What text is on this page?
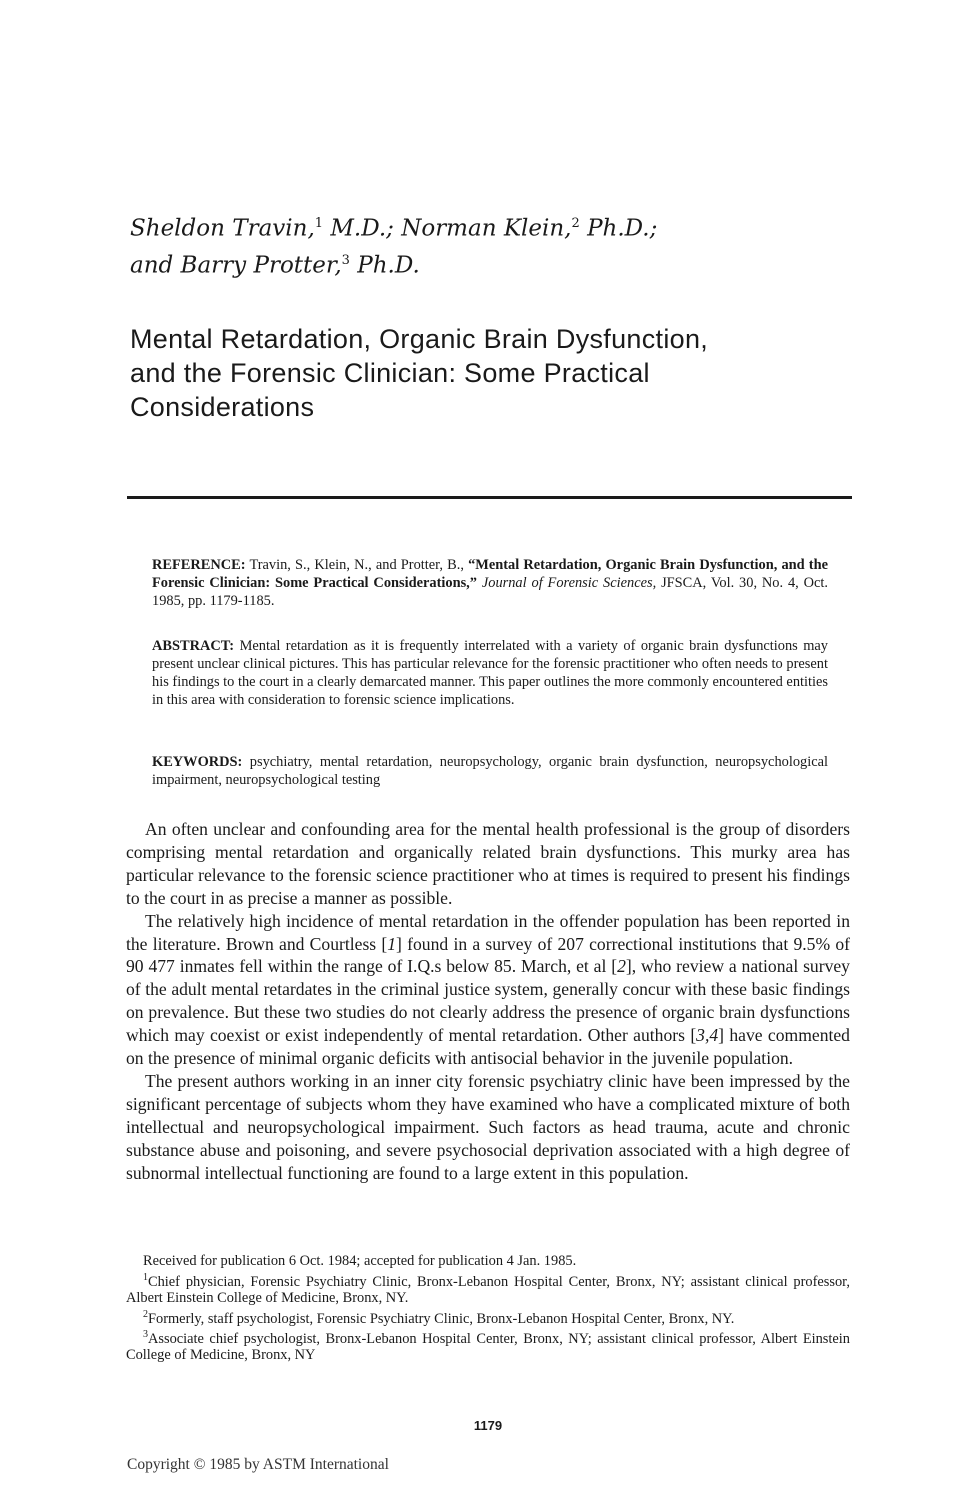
Sheldon Travin,$^1$ M.D.; Norman Klein,$^2$ Ph.D.;
and Barry Protter,$^3$ Ph.D.
Mental Retardation, Organic Brain Dysfunction,
and the Forensic Clinician: Some Practical
Considerations
REFERENCE: Travin, S., Klein, N., and Protter, B., “Mental Retardation, Organic Brain Dysfunction, and the Forensic Clinician: Some Practical Considerations,” Journal of Forensic Sciences, JFSCA, Vol. 30, No. 4, Oct. 1985, pp. 1179-1185.
ABSTRACT: Mental retardation as it is frequently interrelated with a variety of organic brain dysfunctions may present unclear clinical pictures. This has particular relevance for the forensic practitioner who often needs to present his findings to the court in a clearly demarcated manner. This paper outlines the more commonly encountered entities in this area with consideration to forensic science implications.
KEYWORDS: psychiatry, mental retardation, neuropsychology, organic brain dysfunction, neuropsychological impairment, neuropsychological testing

An often unclear and confounding area for the mental health professional is the group of disorders comprising mental retardation and organically related brain dysfunctions. This murky area has particular relevance to the forensic science practitioner who at times is required to present his findings to the court in as precise a manner as possible.

The relatively high incidence of mental retardation in the offender population has been reported in the literature. Brown and Courtless [1] found in a survey of 207 correctional institutions that 9.5% of 90 477 inmates fell within the range of I.Q.s below 85. March, et al [2], who review a national survey of the adult mental retardates in the criminal justice system, generally concur with these basic findings on prevalence. But these two studies do not clearly address the presence of organic brain dysfunctions which may coexist or exist independently of mental retardation. Other authors [3,4] have commented on the presence of minimal organic deficits with antisocial behavior in the juvenile population.

The present authors working in an inner city forensic psychiatry clinic have been impressed by the significant percentage of subjects whom they have examined who have a complicated mixture of both intellectual and neuropsychological impairment. Such factors as head trauma, acute and chronic substance abuse and poisoning, and severe psychosocial deprivation associated with a high degree of subnormal intellectual functioning are found to a large extent in this population.

Received for publication 6 Oct. 1984; accepted for publication 4 Jan. 1985.

$^1$Chief physician, Forensic Psychiatry Clinic, Bronx-Lebanon Hospital Center, Bronx, NY; assistant clinical professor, Albert Einstein College of Medicine, Bronx, NY.

$^2$Formerly, staff psychologist, Forensic Psychiatry Clinic, Bronx-Lebanon Hospital Center, Bronx, NY.

$^3$Associate chief psychologist, Bronx-Lebanon Hospital Center, Bronx, NY; assistant clinical professor, Albert Einstein College of Medicine, Bronx, NY

1179
Copyright © 1985 by ASTM International
